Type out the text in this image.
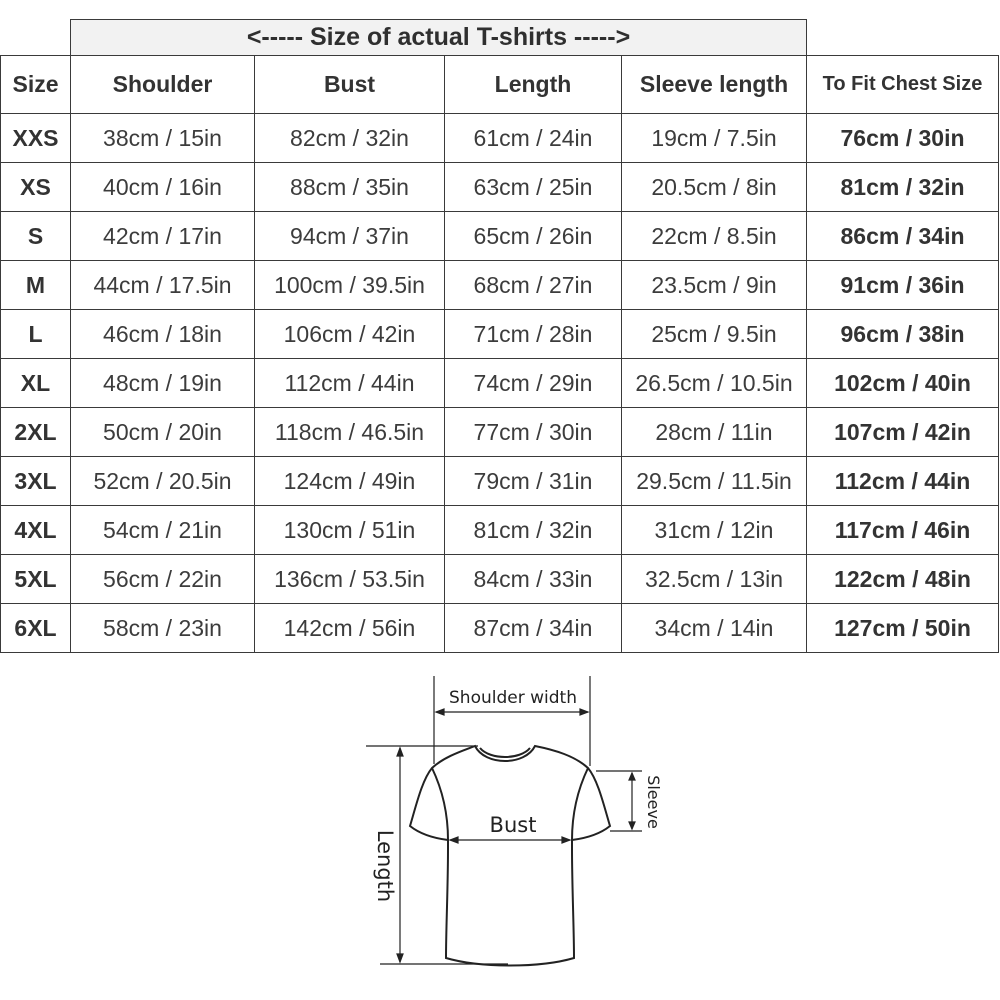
	<----- Size of actual T-shirts ----->				
Size	Shoulder	Bust	Length	Sleeve length	To Fit Chest Size
XXS	38cm / 15in	82cm / 32in	61cm / 24in	19cm / 7.5in	76cm / 30in
XS	40cm / 16in	88cm / 35in	63cm / 25in	20.5cm / 8in	81cm / 32in
S	42cm / 17in	94cm / 37in	65cm / 26in	22cm / 8.5in	86cm / 34in
M	44cm / 17.5in	100cm / 39.5in	68cm / 27in	23.5cm / 9in	91cm / 36in
L	46cm / 18in	106cm / 42in	71cm / 28in	25cm / 9.5in	96cm / 38in
XL	48cm / 19in	112cm / 44in	74cm / 29in	26.5cm / 10.5in	102cm / 40in
2XL	50cm / 20in	118cm / 46.5in	77cm / 30in	28cm / 11in	107cm / 42in
3XL	52cm / 20.5in	124cm / 49in	79cm / 31in	29.5cm / 11.5in	112cm / 44in
4XL	54cm / 21in	130cm / 51in	81cm / 32in	31cm / 12in	117cm / 46in
5XL	56cm / 22in	136cm / 53.5in	84cm / 33in	32.5cm / 13in	122cm / 48in
6XL	58cm / 23in	142cm / 56in	87cm / 34in	34cm / 14in	127cm / 50in
Shoulder width
Bust
Length
Sleeve
